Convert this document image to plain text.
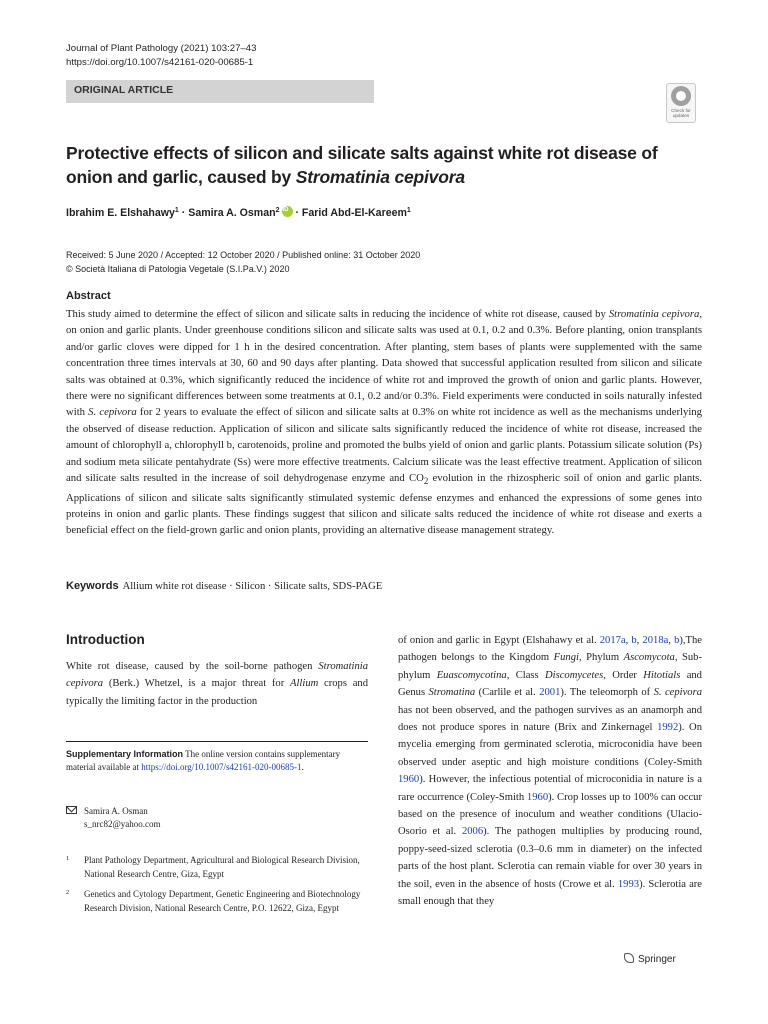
Journal of Plant Pathology (2021) 103:27–43
https://doi.org/10.1007/s42161-020-00685-1
ORIGINAL ARTICLE
Check for
updates
Protective effects of silicon and silicate salts against white rot disease of onion and garlic, caused by Stromatinia cepivora
Ibrahim E. Elshahawy$^1$ · Samira A. Osman$^2$iD · Farid Abd-El-Kareem$^1$
Received: 5 June 2020 / Accepted: 12 October 2020 / Published online: 31 October 2020
© Società Italiana di Patologia Vegetale (S.I.Pa.V.) 2020
Abstract

This study aimed to determine the effect of silicon and silicate salts in reducing the incidence of white rot disease, caused by Stromatinia cepivora, on onion and garlic plants. Under greenhouse conditions silicon and silicate salts was used at 0.1, 0.2 and 0.3%. Before planting, onion transplants and/or garlic cloves were dipped for 1 h in the desired concentration. After planting, stem bases of plants were supplemented with the same concentration three times intervals at 30, 60 and 90 days after planting. Data showed that successful application resulted from silicon and silicate salts was obtained at 0.3%, which significantly reduced the incidence of white rot and improved the growth of onion and garlic plants. However, there were no significant differences between some treatments at 0.1, 0.2 and/or 0.3%. Field experiments were conducted in soils naturally infested with S. cepivora for 2 years to evaluate the effect of silicon and silicate salts at 0.3% on white rot incidence as well as the mechanisms underlying the observed of disease reduction. Application of silicon and silicate salts significantly reduced the incidence of white rot disease, increased the amount of chlorophyll a, chlorophyll b, carotenoids, proline and promoted the bulbs yield of onion and garlic plants. Potassium silicate solution (Ps) and sodium meta silicate pentahydrate (Ss) were more effective treatments. Calcium silicate was the least effective treatment. Application of silicon and silicate salts resulted in the increase of soil dehydrogenase enzyme and $CO_2$ evolution in the rhizospheric soil of onion and garlic plants. Applications of silicon and silicate salts significantly stimulated systemic defense enzymes and enhanced the expressions of some genes into proteins in onion and garlic plants. These findings suggest that silicon and silicate salts reduced the incidence of white rot disease and exerts a beneficial effect on the field-grown garlic and onion plants, providing an alternative disease management strategy.

Keywords Allium white rot disease · Silicon · Silicate salts, SDS-PAGE
Introduction

White rot disease, caused by the soil-borne pathogen Stromatinia cepivora (Berk.) Whetzel, is a major threat for Allium crops and typically the limiting factor in the production

Supplementary Information The online version contains supplementary material available at https://doi.org/10.1007/s42161-020-00685-1.
Samira A. Osman
s_nrc82@yahoo.com
1 Plant Pathology Department, Agricultural and Biological Research Division, National Research Centre, Giza, Egypt
2 Genetics and Cytology Department, Genetic Engineering and Biotechnology Research Division, National Research Centre, P.O. 12622, Giza, Egypt

of onion and garlic in Egypt (Elshahawy et al. 2017a, b, 2018a, b),The pathogen belongs to the Kingdom Fungi, Phylum Ascomycota, Sub-phylum Euascomycotina, Class Discomycetes, Order Hitotials and Genus Stromatina (Carlile et al. 2001). The teleomorph of S. cepivora has not been observed, and the pathogen survives as an anamorph and does not produce spores in nature (Brix and Zinkernagel 1992). On mycelia emerging from germinated sclerotia, microconidia have been observed under aseptic and high moisture conditions (Coley-Smith 1960). However, the infectious potential of microconidia in nature is a rare occurrence (Coley-Smith 1960). Crop losses up to 100% can occur based on the presence of inoculum and weather conditions (Ulacio-Osorio et al. 2006). The pathogen multiplies by producing round, poppy-seed-sized sclerotia (0.3–0.6 mm in diameter) on the infected parts of the host plant. Sclerotia can remain viable for over 30 years in the soil, even in the absence of hosts (Crowe et al. 1993). Sclerotia are small enough that they

Springer
